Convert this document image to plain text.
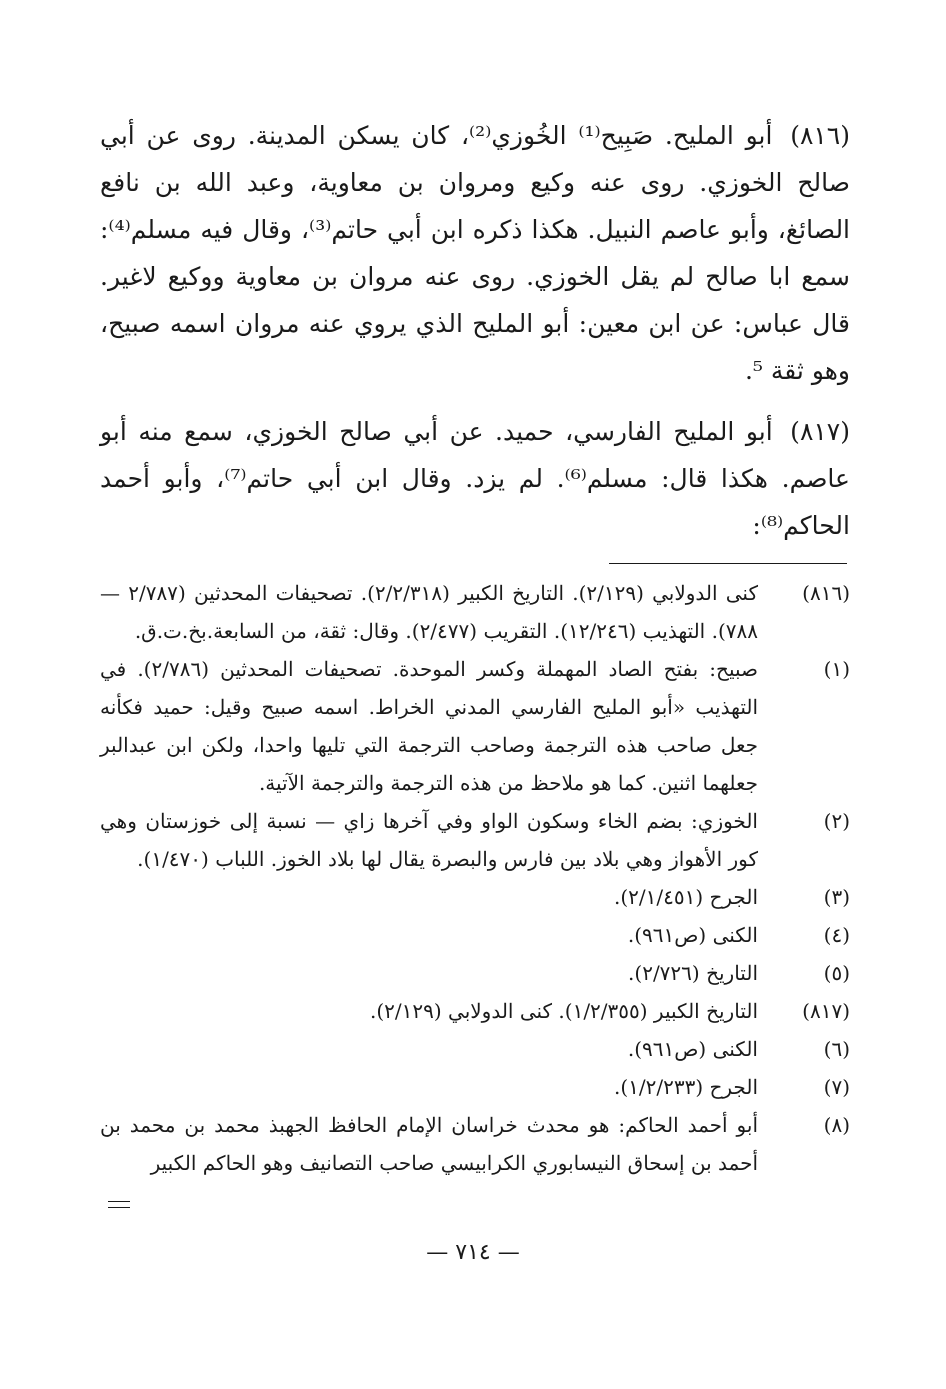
(٨١٦) أبو المليح. صَبِيح⁽¹⁾ الخُوزي⁽²⁾، كان يسكن المدينة. روى عن أبي صالح الخوزي. روى عنه وكيع ومروان بن معاوية، وعبد الله بن نافع الصائغ، وأبو عاصم النبيل. هكذا ذكره ابن أبي حاتم⁽³⁾، وقال فيه مسلم⁽⁴⁾: سمع ابا صالح لم يقل الخوزي. روى عنه مروان بن معاوية ووكيع لاغير. قال عباس: عن ابن معين: أبو المليح الذي يروي عنه مروان اسمه صبيح، وهو ثقة ⁵.

(٨١٧) أبو المليح الفارسي، حميد. عن أبي صالح الخوزي، سمع منه أبو عاصم. هكذا قال: مسلم⁽⁶⁾. لم يزد. وقال ابن أبي حاتم⁽⁷⁾، وأبو أحمد الحاكم⁽⁸⁾:

(٨١٦)
كنى الدولابي (٢/١٢٩). التاريخ الكبير (٢/٢/٣١٨). تصحيفات المحدثين (٢/٧٨٧ — ٧٨٨). التهذيب (١٢/٢٤٦). التقريب (٢/٤٧٧). وقال: ثقة، من السابعة.بخ.ت.ق.
(١)
صبيح: بفتح الصاد المهملة وكسر الموحدة. تصحيفات المحدثين (٢/٧٨٦). في التهذيب «أبو المليح الفارسي المدني الخراط. اسمه صبيح وقيل: حميد فكأنه جعل صاحب هذه الترجمة وصاحب الترجمة التي تليها واحدا، ولكن ابن عبدالبر جعلهما اثنين. كما هو ملاحظ من هذه الترجمة والترجمة الآتية.
(٢)
الخوزي: بضم الخاء وسكون الواو وفي آخرها زاي — نسبة إلى خوزستان وهي كور الأهواز وهي بلاد بين فارس والبصرة يقال لها بلاد الخوز. اللباب (١/٤٧٠).
(٣)
الجرح (٢/١/٤٥١).
(٤)
الكنى (ص٩٦١).
(٥)
التاريخ (٢/٧٢٦).
(٨١٧)
التاريخ الكبير (١/٢/٣٥٥). كنى الدولابي (٢/١٢٩).
(٦)
الكنى (ص٩٦١).
(٧)
الجرح (١/٢/٢٣٣).
(٨)
أبو أحمد الحاكم: هو محدث خراسان الإمام الحافظ الجهبذ محمد بن محمد بن أحمد بن إسحاق النيسابوري الكرابيسي صاحب التصانيف وهو الحاكم الكبير
— ٧١٤ —
